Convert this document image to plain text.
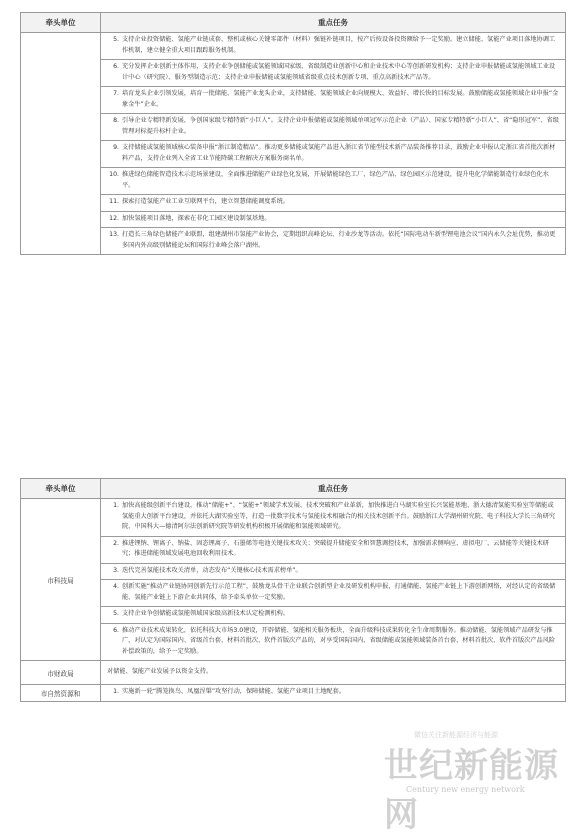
牵头单位	重点任务

	5. 支持企业投资储能、氢能产业链成套、整机或核心关键零部件（材料）强链补链项目，按产后按设备投资额给予一定奖励。建立储能、氢能产业项目落地协调工作机制，建立健全重大项目跟踪服务机制。

	6. 充分发挥企业创新主体作用，支持企业争创储能或氢能领域国家级、省级制造业创新中心和企业技术中心等创新研发机构；支持企业申报储能或氢能领域工业设计中心（研究院）、服务型制造示范；支持企业申报储能或氢能领域省级重点技术创新专项、重点高新技术产品等。

	7. 培育龙头企业引领发展，培育一批储能、氢能产业龙头企业，支持储能、氢能领域企业向规模大、效益好、增长快的目标发展。鼓励储能或氢能领域企业申报“金象金牛”企业。

	8. 引导企业专精特新发展，争创国家级专精特新“小巨人”。支持企业申报储能或氢能领域单项冠军示范企业（产品）、国家专精特新“小巨人”、省“隐形冠军”、省级管理对标提升标杆企业。

	9. 支持储能或氢能领域核心装备申报“浙江制造精品”。推动更多储能或氢能产品进入浙江省节能型技术新产品装备推荐目录，鼓励企业申报认定浙江省首批次新材料产品，支持企业列入全省工业节能降碳工程解决方案服务商名单。

	10. 推进绿色储能智造技术示范场景建设，全面推进储能产业绿色化发展，开展储能绿色工厂、绿色产品、绿色园区示范建设，提升电化学储能制造行业绿色化水平。

	11. 探索打造氢能产业工业互联网平台，建立智慧储能调度系统。

	12. 加快氢能项目落地，探索在非化工园区建设制氢基地。

	13. 打造长三角绿色储能产业联盟，组建湖州市氢能产业协会，定期组织高峰论坛、行业沙龙等活动。依托“国际电动车新型锂电池会议”国内永久会址优势，推动更多国内外高级别储能论坛和国际行业峰会落户湖州。
牵头单位	重点任务
市科技局	1. 加快高能级创新平台建设，推动“储能+”、“氢能+”领域学术发展、技术突破和产业革新，加快推进白马湖实验室长兴氢能基地、浙大德清氢能实验室等储能或氢能重大创新平台建设，并依托大湖实验室等，打造一批数字技术与氢能技术相融合的相关技术创新平台。鼓励浙江大学湖州研究院、电子科技大学长三角研究院、中国科大—德清阿尔法创新研究院等研发机构积极开展储能和氢能领域研究。

	2. 推进锂钠、锂离子、钠盐、固态锂离子、石墨烯等电池关键技术攻关；突破提升储能安全和智慧调控技术，加强需求侧响应、虚拟电厂、云储能等关键技术研究；推进储能领域发展电池回收利用技术。

	3. 迭代完善氢能技术攻关清单，动态发布“关键核心技术需求榜单”。

	4. 创新实施“推动产业链协同创新先行示范工程”，鼓励龙头骨干企业联合创新型企业及研发机构申报，打通储能、氢能产业链上下游创新网络，对经认定的省级储能、氢能产业链上下游企业共同体，给予牵头单位一定奖励。

	5. 支持企业争创储能或氢能领域国家级高新技术认定检测机构。

	6. 推动产业技术成果转化，依托科技大市场3.0建设，开辟储能、氢能相关服务板块，全面升级科技成果转化全生命周期服务。推动储能、氢能领域产品研发与推广，对认定为国际国内、省级首台套、材料首批次、软件首版次产品的，对享受国际国内、省级储能或氢能领域装备首台套、材料首批次、软件首版次产品风险补偿政策的，给予一定奖励。

市财政局	对储能、氢能产业发展予以资金支持。
市自然资源和	1. 实施新一轮“腾笼换鸟、凤凰涅槃”攻坚行动，保障储能、氢能产业项目土地配套。
微信关注新能源经济与能源
世纪新能源网
Century new energy network
